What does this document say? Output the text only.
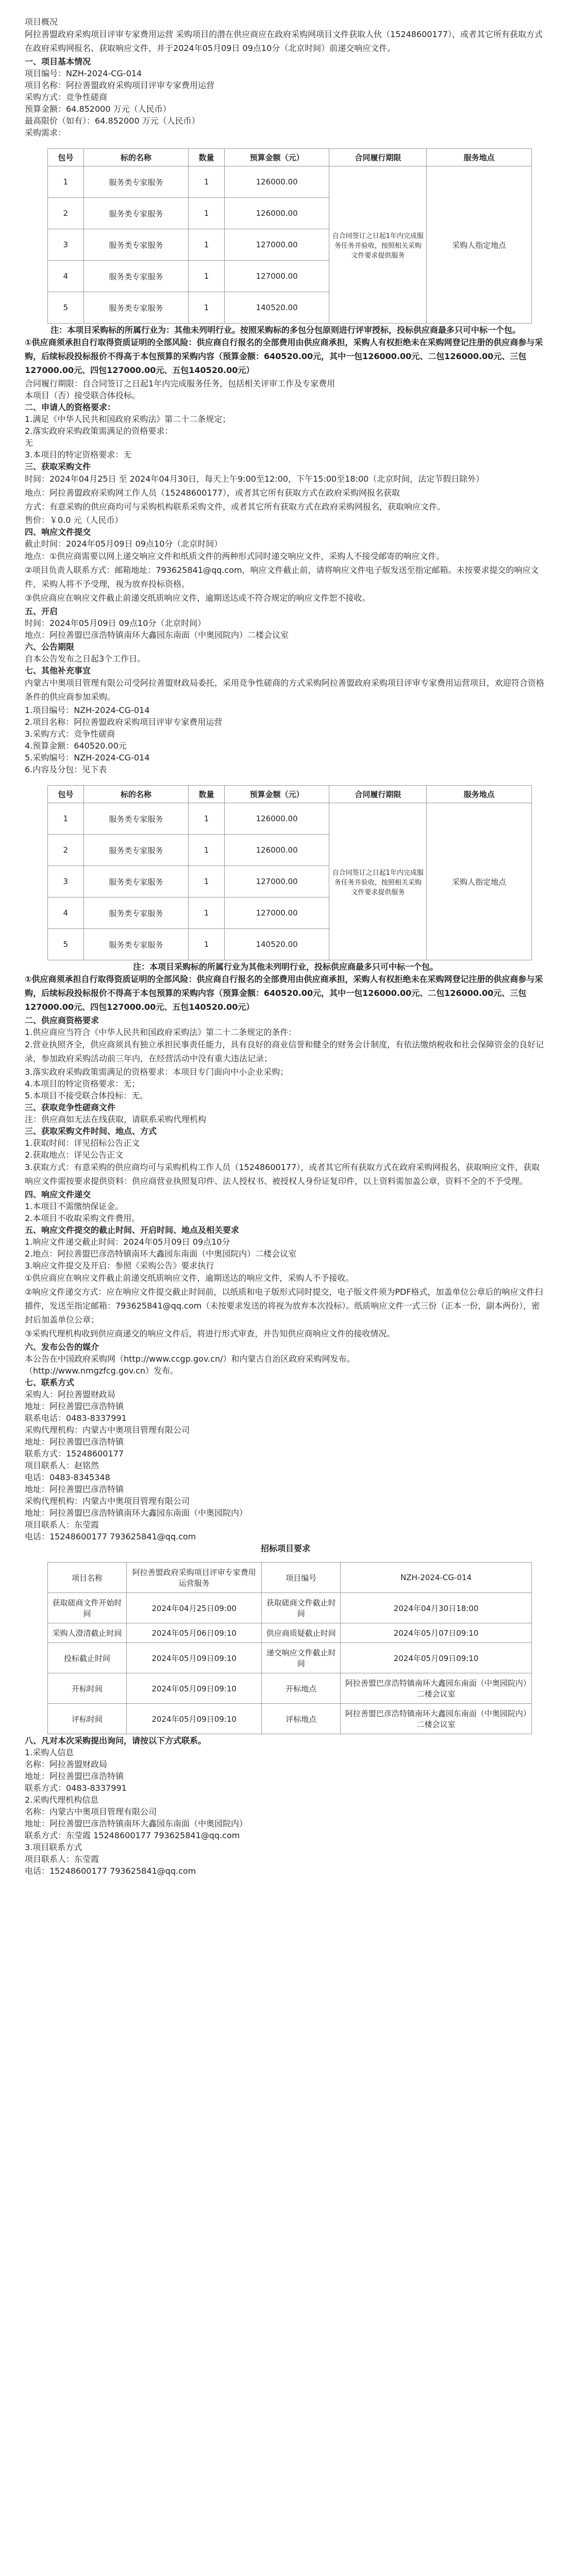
项目概况

阿拉善盟政府采购项目评审专家费用运营 采购项目的潜在供应商应在政府采购网项目文件获取人伙（15248600177），或者其它所有获取方式在政府采购网报名、获取响应文件，并于2024年05月09日 09点10分（北京时间）前递交响应文件。

一、项目基本情况

项目编号：NZH-2024-CG-014

项目名称：阿拉善盟政府采购项目评审专家费用运营

采购方式：竞争性磋商

预算金额：64.852000 万元（人民币）

最高限价（如有）：64.852000 万元（人民币）

采购需求：

包号	标的名称	数量	预算金额（元）	合同履行期限	服务地点
1	服务类专家服务	1	126000.00	自合同签订之日起1年内完成服务任务并验收，按照相关采购文件要求提供服务	采购人指定地点
2	服务类专家服务	1	126000.00		
3	服务类专家服务	1	127000.00		
4	服务类专家服务	1	127000.00		
5	服务类专家服务	1	140520.00		

注：本项目采购标的所属行业为：其他未列明行业。按照采购标的多包分包原则进行评审授标，投标供应商最多只可中标一个包。

①供应商须承担自行取得资质证明的全部风险：供应商自行报名的全部费用由供应商承担，采购人有权拒绝未在采购网登记注册的供应商参与采购，后续标段投标报价不得高于本包预算的采购内容（预算金额：640520.00元，其中一包126000.00元、二包126000.00元、三包127000.00元、四包127000.00元、五包140520.00元）

合同履行期限：自合同签订之日起1年内完成服务任务，包括相关评审工作及专家费用

本项目（否）接受联合体投标。

二、申请人的资格要求：

1.满足《中华人民共和国政府采购法》第二十二条规定；

2.落实政府采购政策需满足的资格要求：

无

3.本项目的特定资格要求：无

三、获取采购文件

时间：2024年04月25日 至 2024年04月30日，每天上午9:00至12:00，下午15:00至18:00（北京时间，法定节假日除外）

地点：阿拉善盟政府采购网工作人员（15248600177），或者其它所有获取方式在政府采购网报名获取

方式：有意采购的供应商均可与采购机构联系采购文件，或者其它所有获取方式在政府采购网报名，获取响应文件。

售价：￥0.0 元（人民币）

四、响应文件提交

截止时间：2024年05月09日 09点10分（北京时间）

地点：①供应商需要以网上递交响应文件和纸质文件的两种形式同时递交响应文件，采购人不接受邮寄的响应文件。

②项目负责人联系方式：邮箱地址：793625841@qq.com，响应文件截止前，请将响应文件电子版发送至指定邮箱。未按要求提交的响应文件，采购人将不予受理，视为放弃投标资格。

③供应商应在响应文件截止前递交纸质响应文件，逾期送达或不符合规定的响应文件恕不接收。

五、开启

时间：2024年05月09日 09点10分（北京时间）

地点：阿拉善盟巴彦浩特镇南环大鑫园东南面（中奥园院内）二楼会议室

六、公告期限

自本公告发布之日起3个工作日。

七、其他补充事宜

内蒙古中奥项目管理有限公司受阿拉善盟财政局委托，采用竞争性磋商的方式采购阿拉善盟政府采购项目评审专家费用运营项目，欢迎符合资格条件的供应商参加采购。

1.项目编号：NZH-2024-CG-014

2.项目名称：阿拉善盟政府采购项目评审专家费用运营

3.采购方式：竞争性磋商

4.预算金额：640520.00元

5.采购编号：NZH-2024-CG-014

6.内容及分包：见下表

包号	标的名称	数量	预算金额（元）	合同履行期限	服务地点
1	服务类专家服务	1	126000.00	自合同签订之日起1年内完成服务任务并验收，按照相关采购文件要求提供服务	采购人指定地点
2	服务类专家服务	1	126000.00		
3	服务类专家服务	1	127000.00		
4	服务类专家服务	1	127000.00		
5	服务类专家服务	1	140520.00		

注：本项目采购标的所属行业为其他未列明行业，投标供应商最多只可中标一个包。

①供应商须承担自行取得资质证明的全部风险：供应商自行报名的全部费用由供应商承担，采购人有权拒绝未在采购网登记注册的供应商参与采购，后续标段投标报价不得高于本包预算的采购内容（预算金额：640520.00元，其中一包126000.00元、二包126000.00元、三包127000.00元、四包127000.00元、五包140520.00元）

二、供应商资格要求

1.供应商应当符合《中华人民共和国政府采购法》第二十二条规定的条件：

2.营业执照齐全，供应商须具有独立承担民事责任能力，具有良好的商业信誉和健全的财务会计制度，有依法缴纳税收和社会保障资金的良好记录，参加政府采购活动前三年内，在经营活动中没有重大违法记录；

3.落实政府采购政策需满足的资格要求：本项目专门面向中小企业采购；

4.本项目的特定资格要求：无；

5.本项目不接受联合体投标：无。

三、获取竞争性磋商文件

注：供应商如无法在线获取，请联系采购代理机构

三、获取采购文件时间、地点、方式

1.获取时间：详见招标公告正文

2.获取地点：详见公告正文

3.获取方式：有意采购的供应商均可与采购机构工作人员（15248600177），或者其它所有获取方式在政府采购网报名，获取响应文件，获取响应文件需按要求提供资料：供应商营业执照复印件、法人授权书、被授权人身份证复印件，以上资料需加盖公章，资料不全的不予受理。

四、响应文件递交

1.本项目不需缴纳保证金。

2.本项目不收取采购文件费用。

五、响应文件提交的截止时间、开启时间、地点及相关要求

1.响应文件递交截止时间：2024年05月09日 09点10分

2.地点：阿拉善盟巴彦浩特镇南环大鑫园东南面（中奥园院内）二楼会议室

3.响应文件提交及开启：参照《采购公告》要求执行

①供应商应在响应文件截止前递交纸质响应文件，逾期送达的响应文件，采购人不予接收。

②响应文件递交方式：应在响应文件提交截止时间前，以纸质和电子版形式同时提交，电子版文件须为PDF格式，加盖单位公章后的响应文件扫描件，发送至指定邮箱：793625841@qq.com（未按要求发送的将视为放弃本次投标）。纸质响应文件一式三份（正本一份，副本两份），密封后加盖单位公章；

③采购代理机构收到供应商递交的响应文件后，将进行形式审查，并告知供应商响应文件的接收情况。

六、发布公告的媒介

本公告在中国政府采购网（http://www.ccgp.gov.cn/）和内蒙古自治区政府采购网发布。

（http://www.nmgzfcg.gov.cn）发布。

七、联系方式

采购人：阿拉善盟财政局

地址：阿拉善盟巴彦浩特镇

联系电话：0483-8337991

采购代理机构：内蒙古中奥项目管理有限公司

地址：阿拉善盟巴彦浩特镇

联系方式：15248600177

项目联系人：赵铭然

电话：0483-8345348

地址：阿拉善盟巴彦浩特镇

采购代理机构：内蒙古中奥项目管理有限公司

地址：阿拉善盟巴彦浩特镇南环大鑫园东南面（中奥园院内）

项目联系人：东莹霞

电话：15248600177 793625841@qq.com

招标项目要求

项目名称	阿拉善盟政府采购项目评审专家费用运营服务	项目编号	NZH-2024-CG-014
获取磋商文件开始时间	2024年04月25日09:00	获取磋商文件截止时间	2024年04月30日18:00
采购人澄清截止时间	2024年05月06日09:10	供应商质疑截止时间	2024年05月07日09:10
投标截止时间	2024年05月09日09:10	递交响应文件截止时间	2024年05月09日09:10
开标时间	2024年05月09日09:10	开标地点	阿拉善盟巴彦浩特镇南环大鑫园东南面（中奥园院内）二楼会议室
评标时间	2024年05月09日09:10	评标地点	阿拉善盟巴彦浩特镇南环大鑫园东南面（中奥园院内）二楼会议室

八、凡对本次采购提出询问，请按以下方式联系。

1.采购人信息

名称：阿拉善盟财政局

地址：阿拉善盟巴彦浩特镇

联系方式：0483-8337991

2.采购代理机构信息

名称：内蒙古中奥项目管理有限公司

地址：阿拉善盟巴彦浩特镇南环大鑫园东南面（中奥园院内）

联系方式：东莹霞 15248600177 793625841@qq.com

3.项目联系方式

项目联系人：东莹霞

电话：15248600177 793625841@qq.com
